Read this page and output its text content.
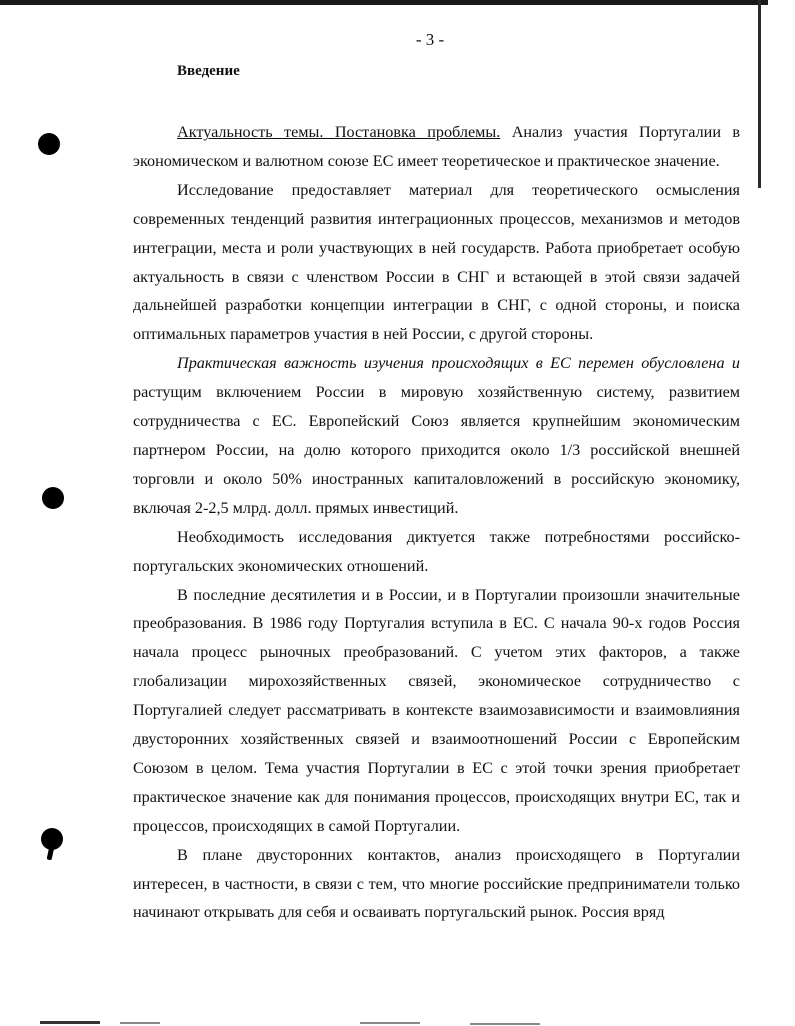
- 3 -
Введение

Актуальность темы. Постановка проблемы. Анализ участия Португалии в экономическом и валютном союзе ЕС имеет теоретическое и практическое значение.

Исследование предоставляет материал для теоретического осмысления современных тенденций развития интеграционных процессов, механизмов и методов интеграции, места и роли участвующих в ней государств. Работа приобретает особую актуальность в связи с членством России в СНГ и встающей в этой связи задачей дальнейшей разработки концепции интеграции в СНГ, с одной стороны, и поиска оптимальных параметров участия в ней России, с другой стороны.

Практическая важность изучения происходящих в ЕС перемен обусловлена и растущим включением России в мировую хозяйственную систему, развитием сотрудничества с ЕС. Европейский Союз является крупнейшим экономическим партнером России, на долю которого приходится около 1/3 российской внешней торговли и около 50% иностранных капиталовложений в российскую экономику, включая 2-2,5 млрд. долл. прямых инвестиций.

Необходимость исследования диктуется также потребностями российско-португальских экономических отношений.

В последние десятилетия и в России, и в Португалии произошли значительные преобразования. В 1986 году Португалия вступила в ЕС. С начала 90-х годов Россия начала процесс рыночных преобразований. С учетом этих факторов, а также глобализации мирохозяйственных связей, экономическое сотрудничество с Португалией следует рассматривать в контексте взаимозависимости и взаимовлияния двусторонних хозяйственных связей и взаимоотношений России с Европейским Союзом в целом. Тема участия Португалии в ЕС с этой точки зрения приобретает практическое значение как для понимания процессов, происходящих внутри ЕС, так и процессов, происходящих в самой Португалии.

В плане двусторонних контактов, анализ происходящего в Португалии интересен, в частности, в связи с тем, что многие российские предприниматели только начинают открывать для себя и осваивать португальский рынок. Россия вряд
